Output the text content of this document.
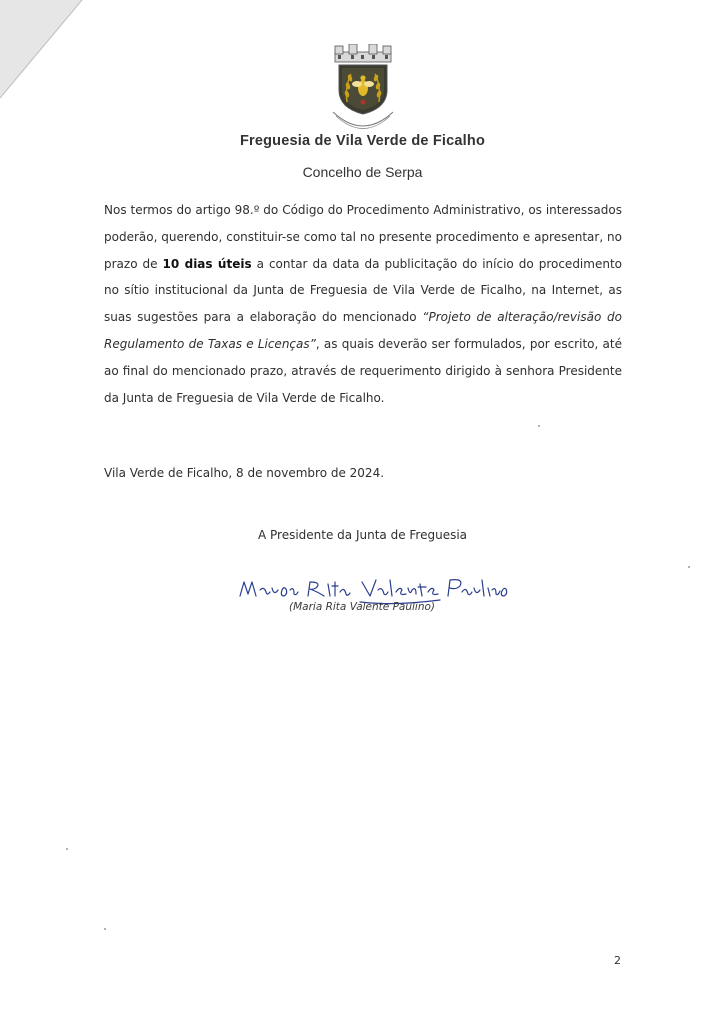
Freguesia de Vila Verde de Ficalho
Concelho de Serpa
Nos termos do artigo 98.º do Código do Procedimento Administrativo, os interessados poderão, querendo, constituir-se como tal no presente procedimento e apresentar, no prazo de 10 dias úteis a contar da data da publicitação do início do procedimento no sítio institucional da Junta de Freguesia de Vila Verde de Ficalho, na Internet, as suas sugestões para a elaboração do mencionado “Projeto de alteração/revisão do Regulamento de Taxas e Licenças”, as quais deverão ser formulados, por escrito, até ao final do mencionado prazo, através de requerimento dirigido à senhora Presidente da Junta de Freguesia de Vila Verde de Ficalho.
Vila Verde de Ficalho, 8 de novembro de 2024.
A Presidente da Junta de Freguesia
(Maria Rita Valente Paulino)
2
